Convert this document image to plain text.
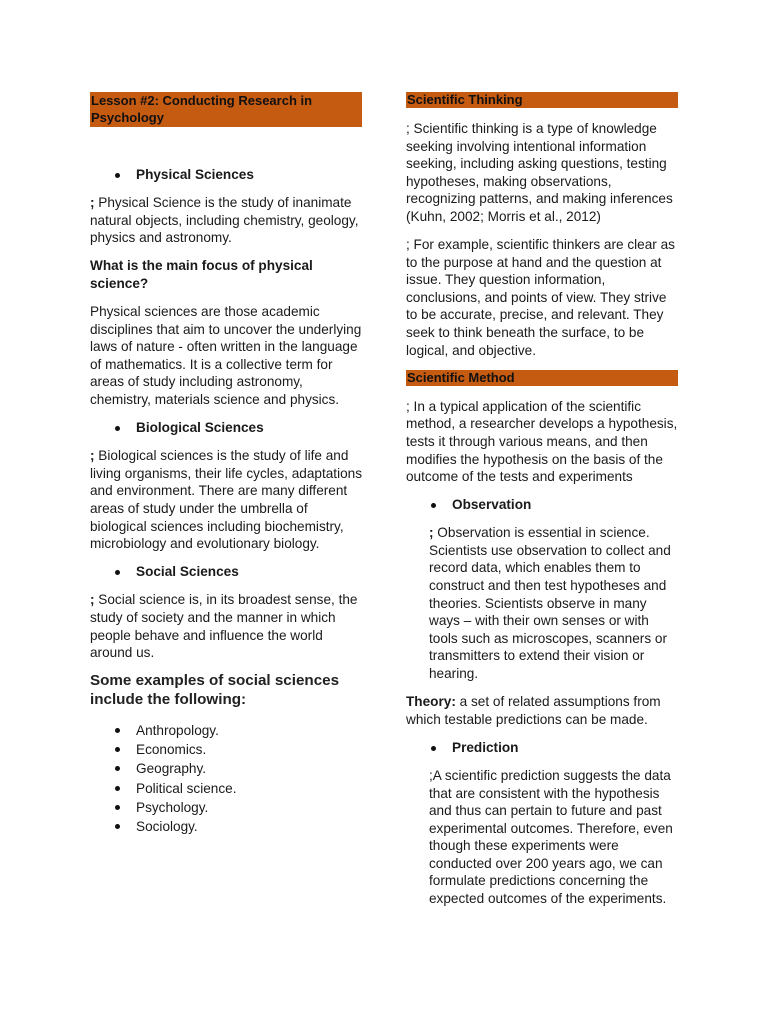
Lesson #2: Conducting Research in Psychology
Physical Sciences

; Physical Science is the study of inanimate natural objects, including chemistry, geology, physics and astronomy.

What is the main focus of physical science?

Physical sciences are those academic disciplines that aim to uncover the underlying laws of nature - often written in the language of mathematics. It is a collective term for areas of study including astronomy, chemistry, materials science and physics.

Biological Sciences

; Biological sciences is the study of life and living organisms, their life cycles, adaptations and environment. There are many different areas of study under the umbrella of biological sciences including biochemistry, microbiology and evolutionary biology.

Social Sciences

; Social science is, in its broadest sense, the study of society and the manner in which people behave and influence the world around us.

Some examples of social sciences include the following:
Anthropology.
Economics.
Geography.
Political science.
Psychology.
Sociology.
Scientific Thinking

; Scientific thinking is a type of knowledge seeking involving intentional information seeking, including asking questions, testing hypotheses, making observations, recognizing patterns, and making inferences (Kuhn, 2002; Morris et al., 2012)

; For example, scientific thinkers are clear as to the purpose at hand and the question at issue. They question information, conclusions, and points of view. They strive to be accurate, precise, and relevant. They seek to think beneath the surface, to be logical, and objective.

Scientific Method

; In a typical application of the scientific method, a researcher develops a hypothesis, tests it through various means, and then modifies the hypothesis on the basis of the outcome of the tests and experiments

Observation

; Observation is essential in science. Scientists use observation to collect and record data, which enables them to construct and then test hypotheses and theories. Scientists observe in many ways – with their own senses or with tools such as microscopes, scanners or transmitters to extend their vision or hearing.

Theory: a set of related assumptions from which testable predictions can be made.

Prediction

;A scientific prediction suggests the data that are consistent with the hypothesis and thus can pertain to future and past experimental outcomes. Therefore, even though these experiments were conducted over 200 years ago, we can formulate predictions concerning the expected outcomes of the experiments.
